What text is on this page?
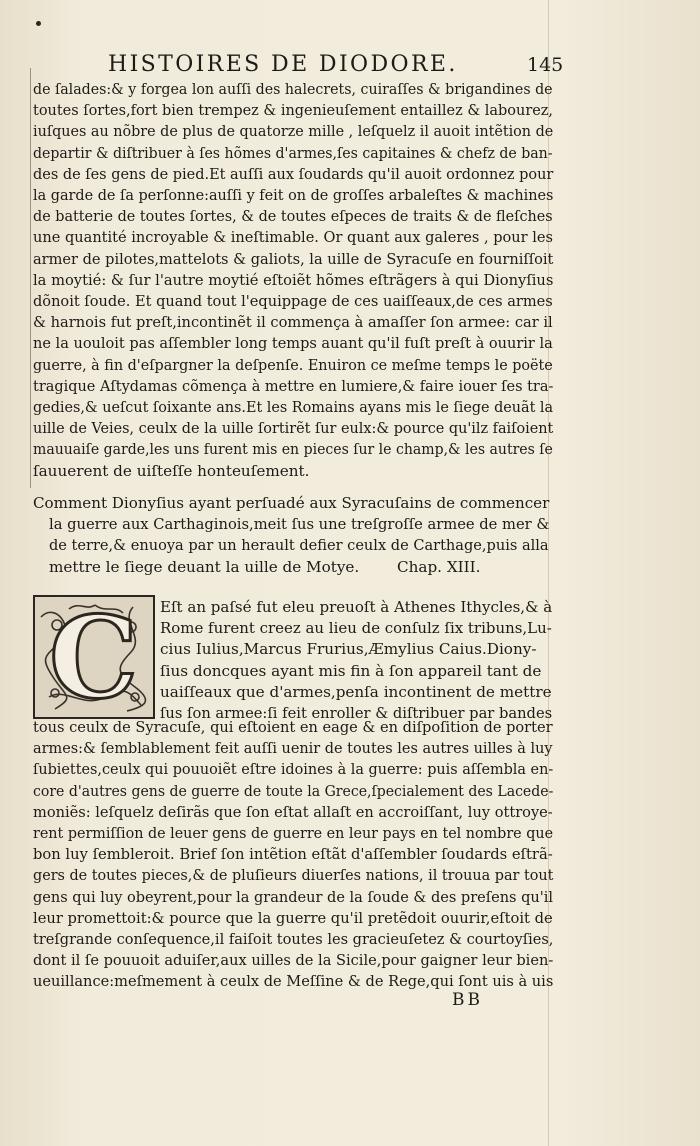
HISTOIRES DE DIODORE.	145
de ſalades:& y forgea lon auſſi des halecrets, cuiraſſes & brigandines de
toutes ſortes,fort bien trempez & ingenieuſement entaillez & labourez,
iuſques au nõbre de plus de quatorze mille , leſquelz il auoit intẽtion de
departir & diſtribuer à ſes hõmes d'armes,ſes capitaines & chefz de ban-
des de ſes gens de pied.Et auſſi aux ſoudards qu'il auoit ordonnez pour
la garde de ſa perſonne:auſſi y feit on de groſſes arbaleſtes & machines
de batterie de toutes ſortes, & de toutes eſpeces de traits & de fleſches
une quantité incroyable & ineſtimable. Or quant aux galeres , pour les
armer de pilotes,mattelots & galiots, la uille de Syracuſe en fourniſſoit
la moytié: & ſur l'autre moytié eſtoiẽt hõmes eſtrãgers à qui Dionyſius
dõnoit ſoude. Et quand tout l'equippage de ces uaiſſeaux,de ces armes
& harnois fut preſt,incontinẽt il commença à amaſſer ſon armee: car il
ne la uouloit pas aſſembler long temps auant qu'il fuſt preſt à ouurir la
guerre, à fin d'eſpargner la deſpenſe. Enuiron ce meſme temps le poëte
tragique Aſtydamas cõmença à mettre en lumiere,& faire iouer ſes tra-
gedies,& ueſcut ſoixante ans.Et les Romains ayans mis le ſiege deuãt la
uille de Veies, ceulx de la uille ſortirẽt ſur eulx:& pource qu'ilz faiſoient
mauuaiſe garde,les uns furent mis en pieces ſur le champ,& les autres ſe
ſauuerent de uiſteſſe honteuſement.
Comment Dionyſius ayant perſuadé aux Syracuſains de commencer
la guerre aux Carthaginois,meit ſus une treſgroſſe armee de mer &
de terre,& enuoya par un herault defier ceulx de Carthage,puis alla
mettre le ſiege deuant la uille de Motye. Chap. XIII.
C Eſt an paſsé fut eleu preuoſt à Athenes Ithycles,& à
Rome furent creez au lieu de conſulz ſix tribuns,Lu-
cius Iulius,Marcus Frurius,Æmylius Caius.Diony-
ſius doncques ayant mis fin à ſon appareil tant de
uaiſſeaux que d'armes,penſa incontinent de mettre
ſus ſon armee:ſi feit enroller & diſtribuer par bandes
tous ceulx de Syracuſe, qui eſtoient en eage & en diſpoſition de porter
armes:& ſemblablement feit auſſi uenir de toutes les autres uilles à luy
ſubiettes,ceulx qui pouuoiẽt eſtre idoines à la guerre: puis aſſembla en-
core d'autres gens de guerre de toute la Grece,ſpecialement des Lacede-
moniẽs: leſquelz deſirãs que ſon eſtat allaſt en accroiſſant, luy ottroye-
rent permiſſion de leuer gens de guerre en leur pays en tel nombre que
bon luy ſembleroit. Brief ſon intẽtion eſtãt d'aſſembler ſoudards eſtrã-
gers de toutes pieces,& de pluſieurs diuerſes nations, il trouua par tout
gens qui luy obeyrent,pour la grandeur de la ſoude & des preſens qu'il
leur promettoit:& pource que la guerre qu'il pretẽdoit ouurir,eſtoit de
treſgrande conſequence,il faiſoit toutes les gracieuſetez & courtoyſies,
dont il ſe pouuoit aduiſer,aux uilles de la Sicile,pour gaigner leur bien-
ueuillance:meſmement à ceulx de Meſſine & de Rege,qui ſont uis à uis
BB
